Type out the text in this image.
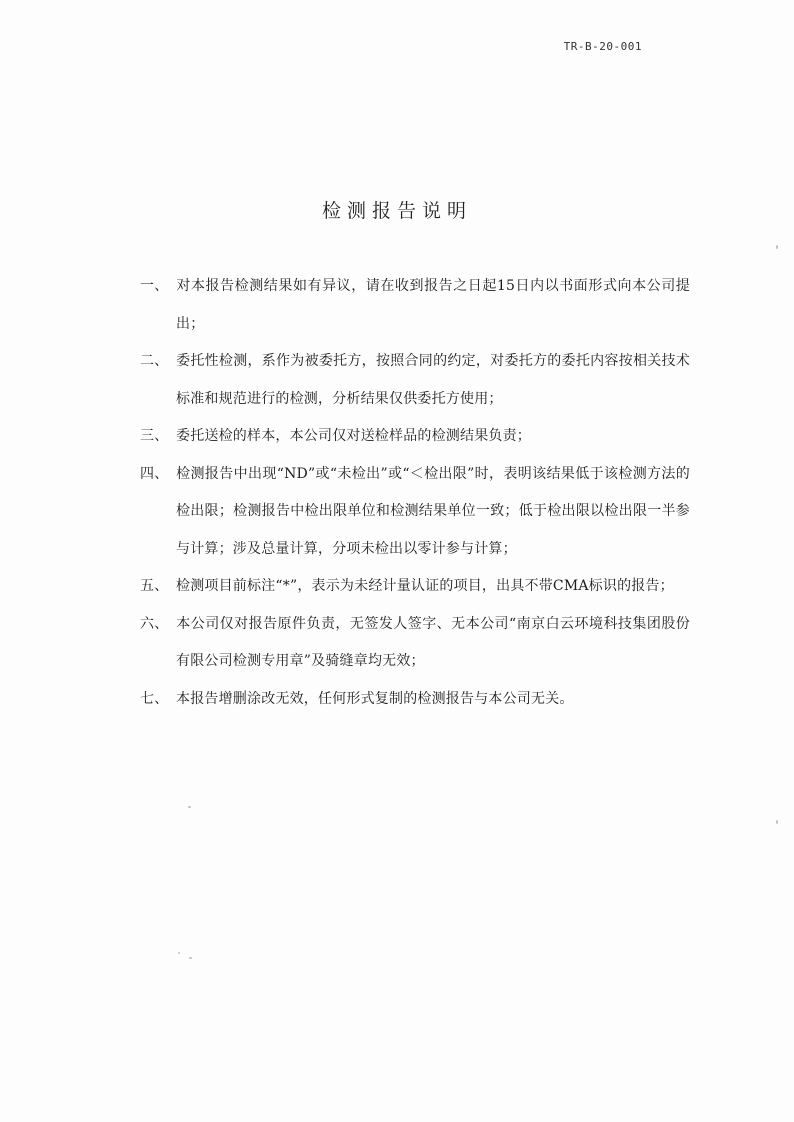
TR-B-20-001
检测报告说明
一、 对本报告检测结果如有异议，请在收到报告之日起15日内以书面形式向本公司提出；
二、 委托性检测，系作为被委托方，按照合同的约定，对委托方的委托内容按相关技术标准和规范进行的检测，分析结果仅供委托方使用；
三、 委托送检的样本，本公司仅对送检样品的检测结果负责；
四、 检测报告中出现“ND”或“未检出”或“＜检出限”时，表明该结果低于该检测方法的检出限；检测报告中检出限单位和检测结果单位一致；低于检出限以检出限一半参与计算；涉及总量计算，分项未检出以零计参与计算；
五、 检测项目前标注“*”，表示为未经计量认证的项目，出具不带CMA标识的报告；
六、 本公司仅对报告原件负责，无签发人签字、无本公司“南京白云环境科技集团股份有限公司检测专用章”及骑缝章均无效；
七、 本报告增删涂改无效，任何形式复制的检测报告与本公司无关。
